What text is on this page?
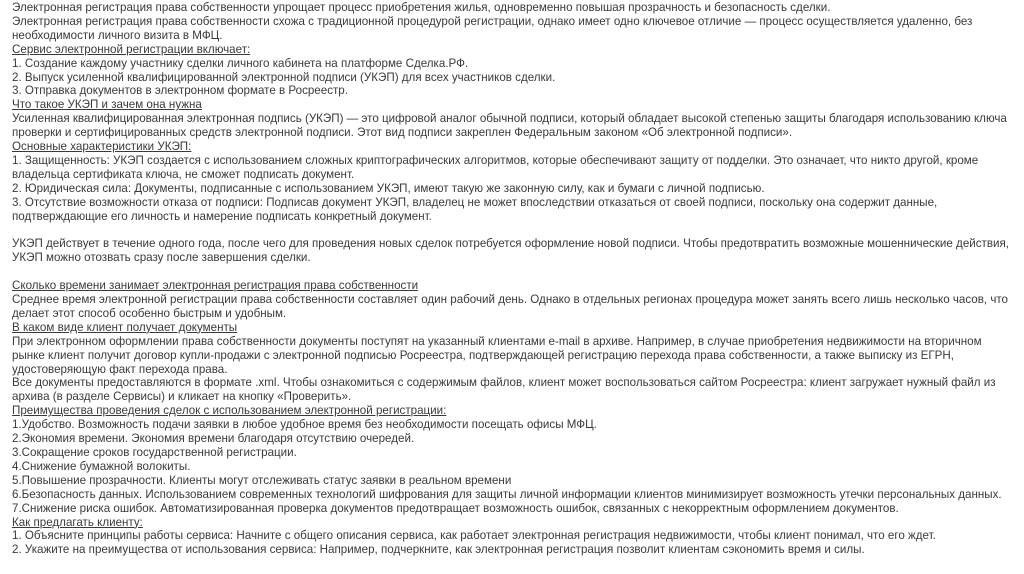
Электронная регистрация права собственности упрощает процесс приобретения жилья, одновременно повышая прозрачность и безопасность сделки.

Электронная регистрация права собственности схожа с традиционной процедурой регистрации, однако имеет одно ключевое отличие — процесс осуществляется удаленно, без необходимости личного визита в МФЦ.

Сервис электронной регистрации включает:

1. Создание каждому участнику сделки личного кабинета на платформе Сделка.РФ.

2. Выпуск усиленной квалифицированной электронной подписи (УКЭП) для всех участников сделки.

3. Отправка документов в электронном формате в Росреестр.

Что такое УКЭП и зачем она нужна

Усиленная квалифицированная электронная подпись (УКЭП) — это цифровой аналог обычной подписи, который обладает высокой степенью защиты благодаря использованию ключа проверки и сертифицированных средств электронной подписи. Этот вид подписи закреплен Федеральным законом «Об электронной подписи».

Основные характеристики УКЭП:

1. Защищенность: УКЭП создается с использованием сложных криптографических алгоритмов, которые обеспечивают защиту от подделки. Это означает, что никто другой, кроме владельца сертификата ключа, не сможет подписать документ.

2. Юридическая сила: Документы, подписанные с использованием УКЭП, имеют такую же законную силу, как и бумаги с личной подписью.

3. Отсутствие возможности отказа от подписи: Подписав документ УКЭП, владелец не может впоследствии отказаться от своей подписи, поскольку она содержит данные, подтверждающие его личность и намерение подписать конкретный документ.

УКЭП действует в течение одного года, после чего для проведения новых сделок потребуется оформление новой подписи. Чтобы предотвратить возможные мошеннические действия, УКЭП можно отозвать сразу после завершения сделки.

Сколько времени занимает электронная регистрация права собственности

Среднее время электронной регистрации права собственности составляет один рабочий день. Однако в отдельных регионах процедура может занять всего лишь несколько часов, что делает этот способ особенно быстрым и удобным.

В каком виде клиент получает документы

При электронном оформлении права собственности документы поступят на указанный клиентами e-mail в архиве. Например, в случае приобретения недвижимости на вторичном рынке клиент получит договор купли-продажи с электронной подписью Росреестра, подтверждающей регистрацию перехода права собственности, а также выписку из ЕГРН, удостоверяющую факт перехода права.

Все документы предоставляются в формате .xml. Чтобы ознакомиться с содержимым файлов, клиент может воспользоваться сайтом Росреестра: клиент загружает нужный файл из архива (в разделе Сервисы) и кликает на кнопку «Проверить».

Преимущества проведения сделок с использованием электронной регистрации:

1.Удобство. Возможность подачи заявки в любое удобное время без необходимости посещать офисы МФЦ.

2.Экономия времени. Экономия времени благодаря отсутствию очередей.

3.Сокращение сроков государственной регистрации.

4.Снижение бумажной волокиты.

5.Повышение прозрачности. Клиенты могут отслеживать статус заявки в реальном времени

6.Безопасность данных. Использованием современных технологий шифрования для защиты личной информации клиентов минимизирует возможность утечки персональных данных.

7.Снижение риска ошибок. Автоматизированная проверка документов предотвращает возможность ошибок, связанных с некорректным оформлением документов.

Как предлагать клиенту:

1. Объясните принципы работы сервиса: Начните с общего описания сервиса, как работает электронная регистрация недвижимости, чтобы клиент понимал, что его ждет.

2. Укажите на преимущества от использования сервиса: Например, подчеркните, как электронная регистрация позволит клиентам сэкономить время и силы.
